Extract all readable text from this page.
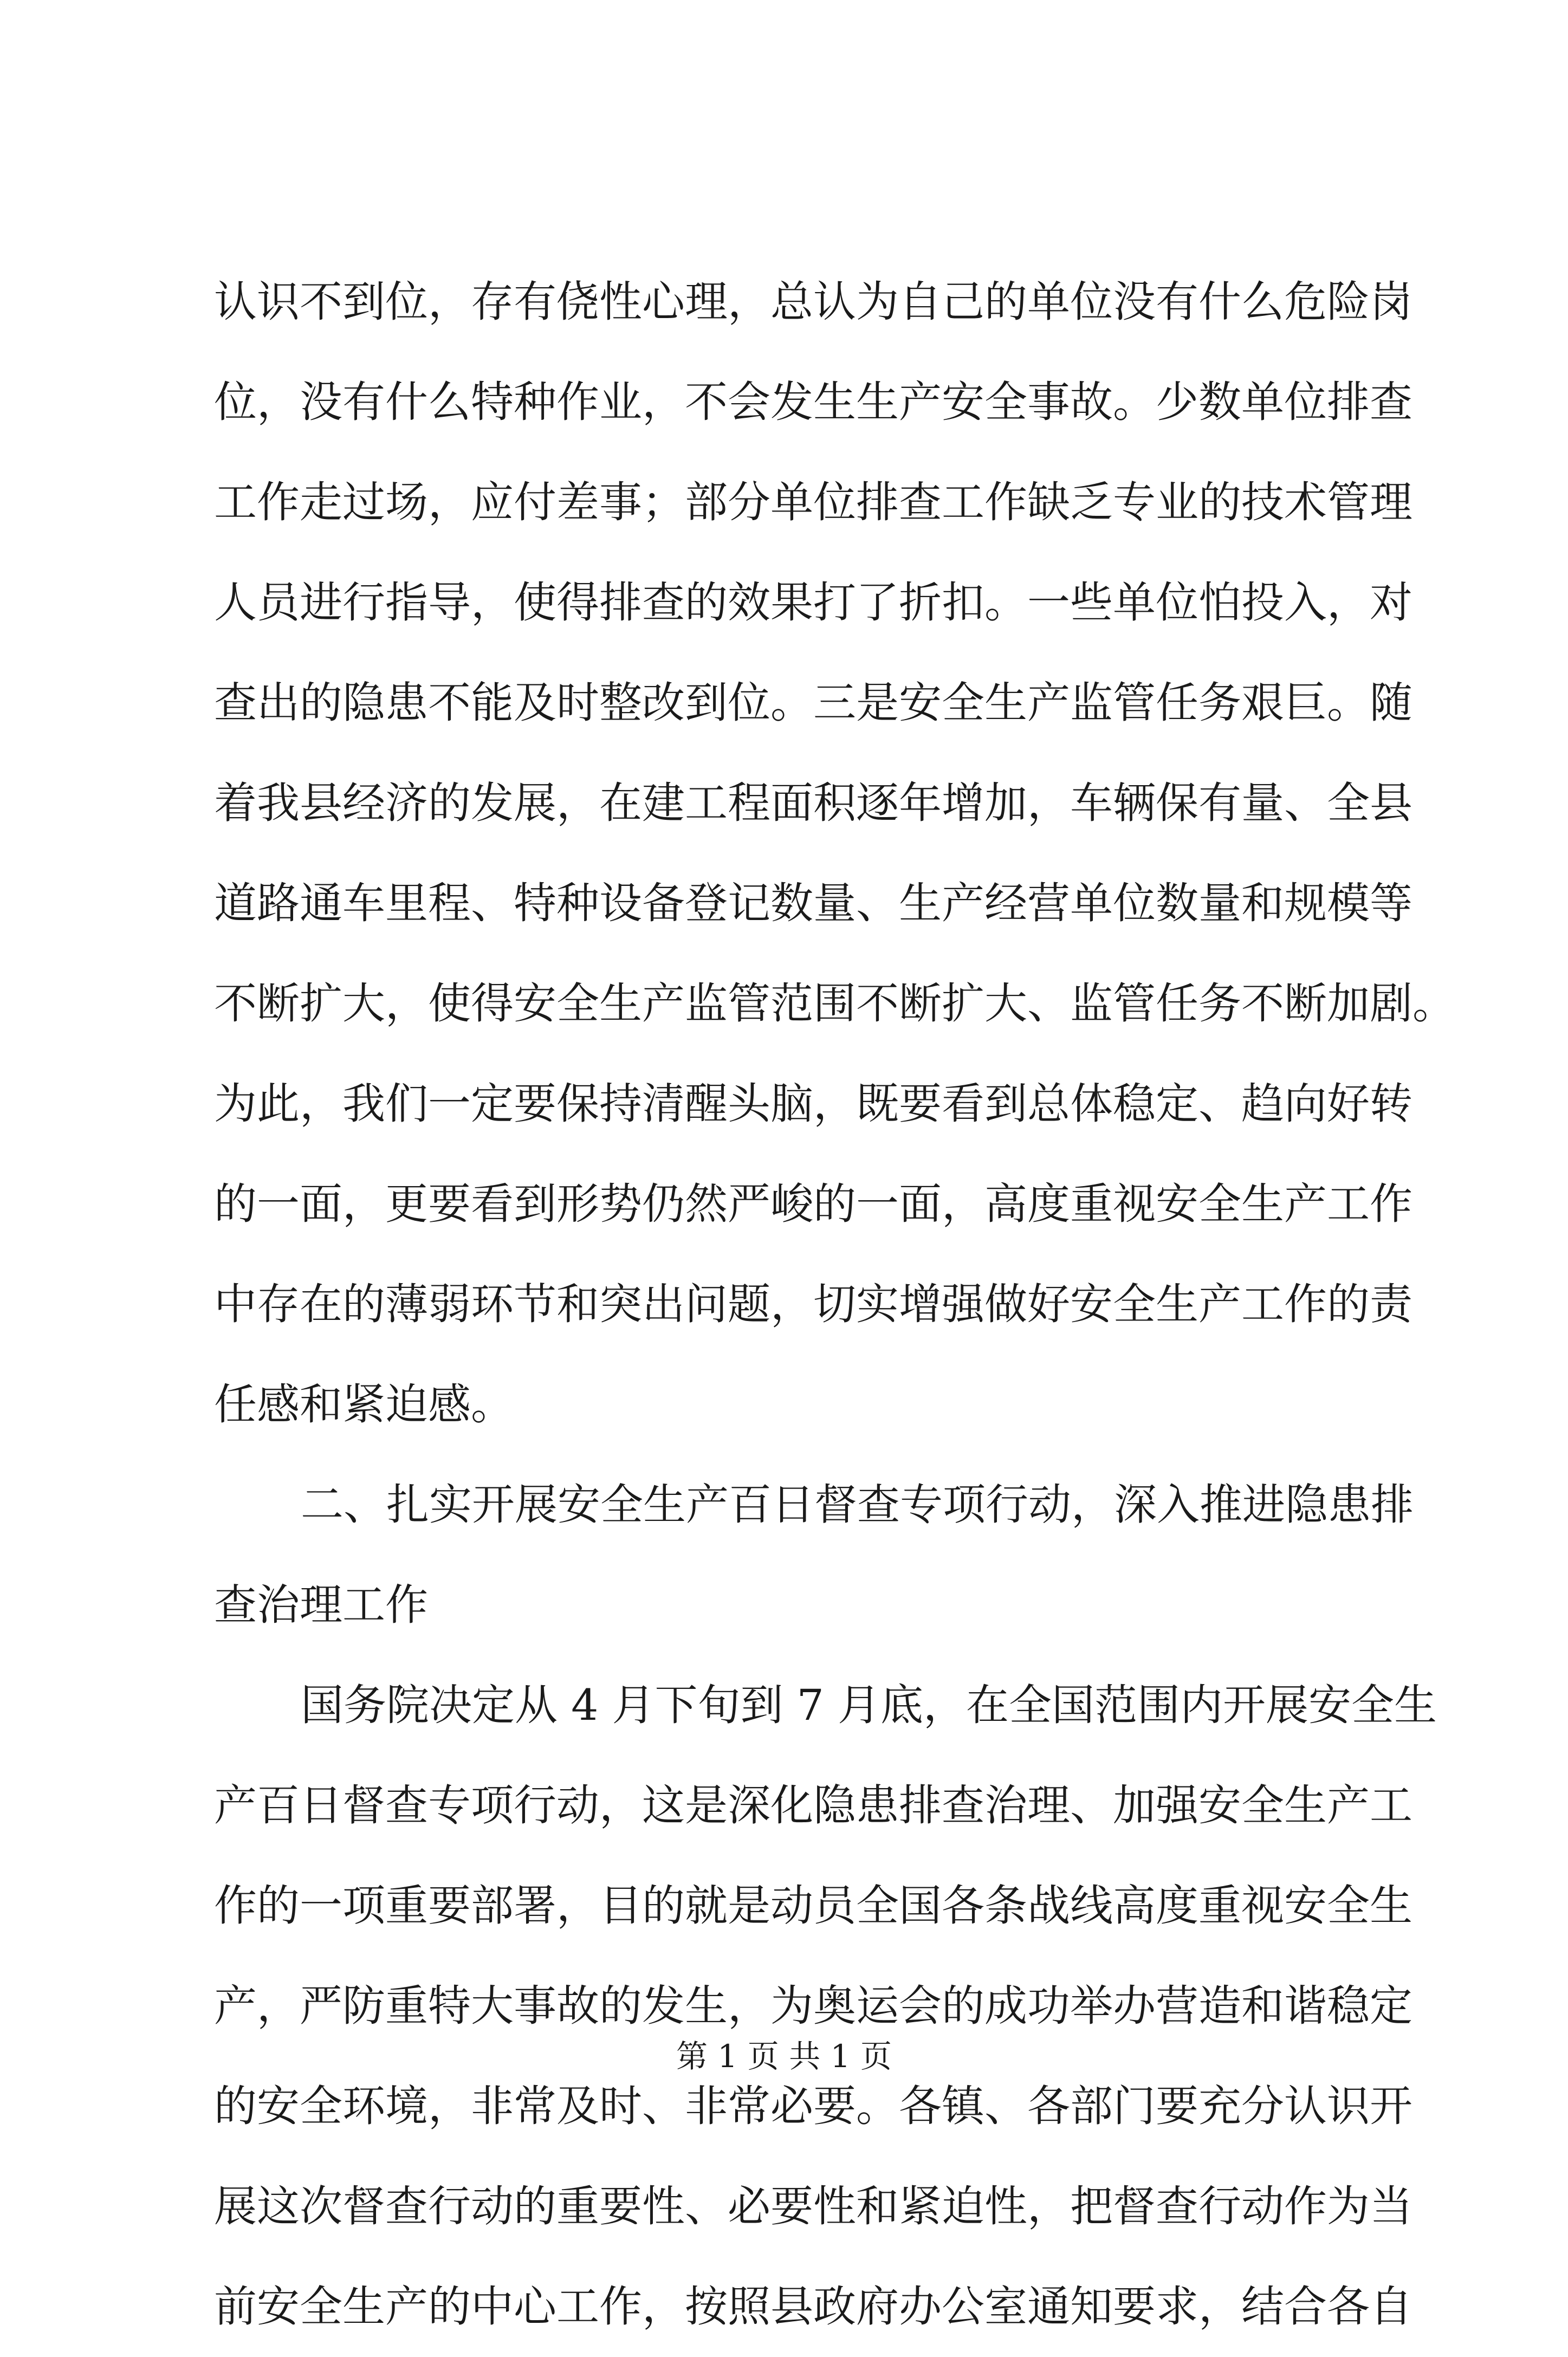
认识不到位，存有侥性心理，总认为自己的单位没有什么危险岗
位，没有什么特种作业，不会发生生产安全事故。少数单位排查
工作走过场，应付差事；部分单位排查工作缺乏专业的技术管理
人员进行指导，使得排查的效果打了折扣。一些单位怕投入，对
查出的隐患不能及时整改到位。三是安全生产监管任务艰巨。随
着我县经济的发展，在建工程面积逐年增加，车辆保有量、全县
道路通车里程、特种设备登记数量、生产经营单位数量和规模等
不断扩大，使得安全生产监管范围不断扩大、监管任务不断加剧。
为此，我们一定要保持清醒头脑，既要看到总体稳定、趋向好转
的一面，更要看到形势仍然严峻的一面，高度重视安全生产工作
中存在的薄弱环节和突出问题，切实增强做好安全生产工作的责
任感和紧迫感。
二、扎实开展安全生产百日督查专项行动，深入推进隐患排
查治理工作
国务院决定从 4 月下旬到 7 月底，在全国范围内开展安全生
产百日督查专项行动，这是深化隐患排查治理、加强安全生产工
作的一项重要部署，目的就是动员全国各条战线高度重视安全生
产，严防重特大事故的发生，为奥运会的成功举办营造和谐稳定
的安全环境，非常及时、非常必要。各镇、各部门要充分认识开
展这次督查行动的重要性、必要性和紧迫性，把督查行动作为当
前安全生产的中心工作，按照县政府办公室通知要求，结合各自
第 1 页 共 1 页
